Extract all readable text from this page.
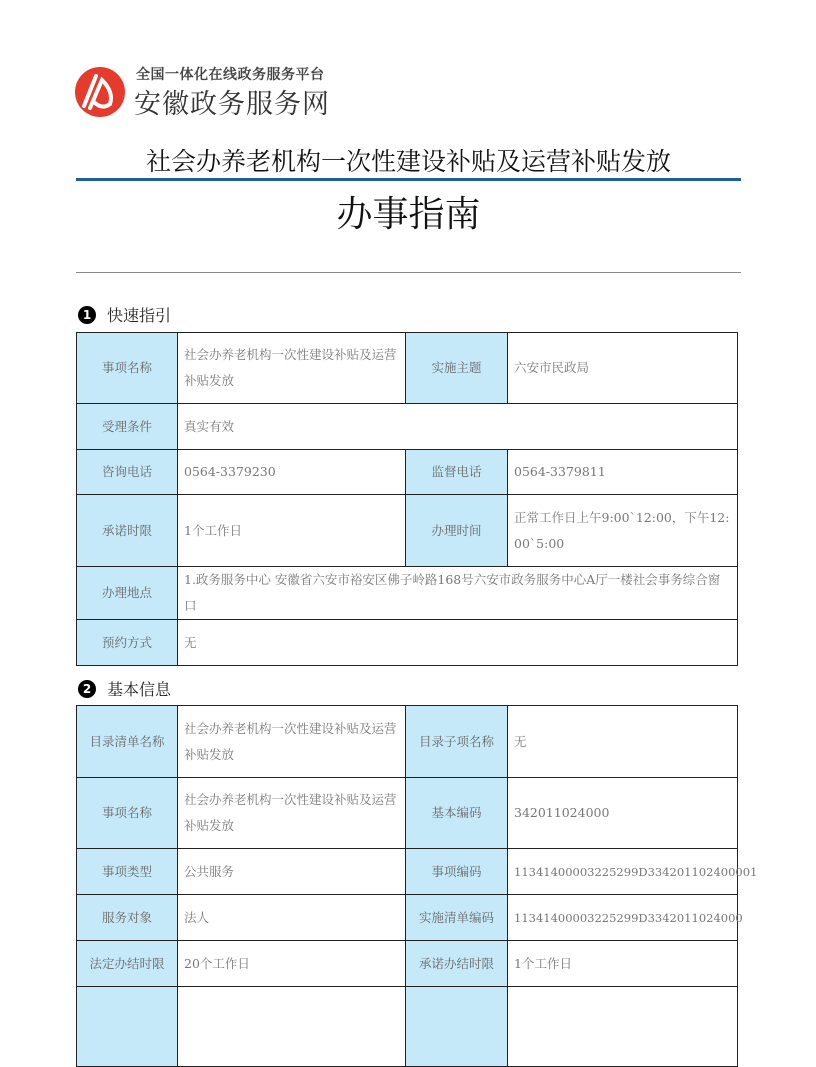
全国一体化在线政务服务平台
安徽政务服务网
社会办养老机构一次性建设补贴及运营补贴发放
办事指南
1 快速指引
事项名称	社会办养老机构一次性建设补贴及运营补贴发放	实施主题	六安市民政局
受理条件	真实有效		
咨询电话	0564-3379230	监督电话	0564-3379811
承诺时限	1个工作日	办理时间	正常工作日上午9:00`12:00，下午12:00`5:00
办理地点	1.政务服务中心 安徽省六安市裕安区佛子岭路168号六安市政务服务中心A厅一楼社会事务综合窗口		
预约方式	无		
2 基本信息
目录清单名称	社会办养老机构一次性建设补贴及运营补贴发放	目录子项名称	无
事项名称	社会办养老机构一次性建设补贴及运营补贴发放	基本编码	342011024000
事项类型	公共服务	事项编码	11341400003225299D334201102400001
服务对象	法人	实施清单编码	11341400003225299D3342011024000
法定办结时限	20个工作日	承诺办结时限	1个工作日
